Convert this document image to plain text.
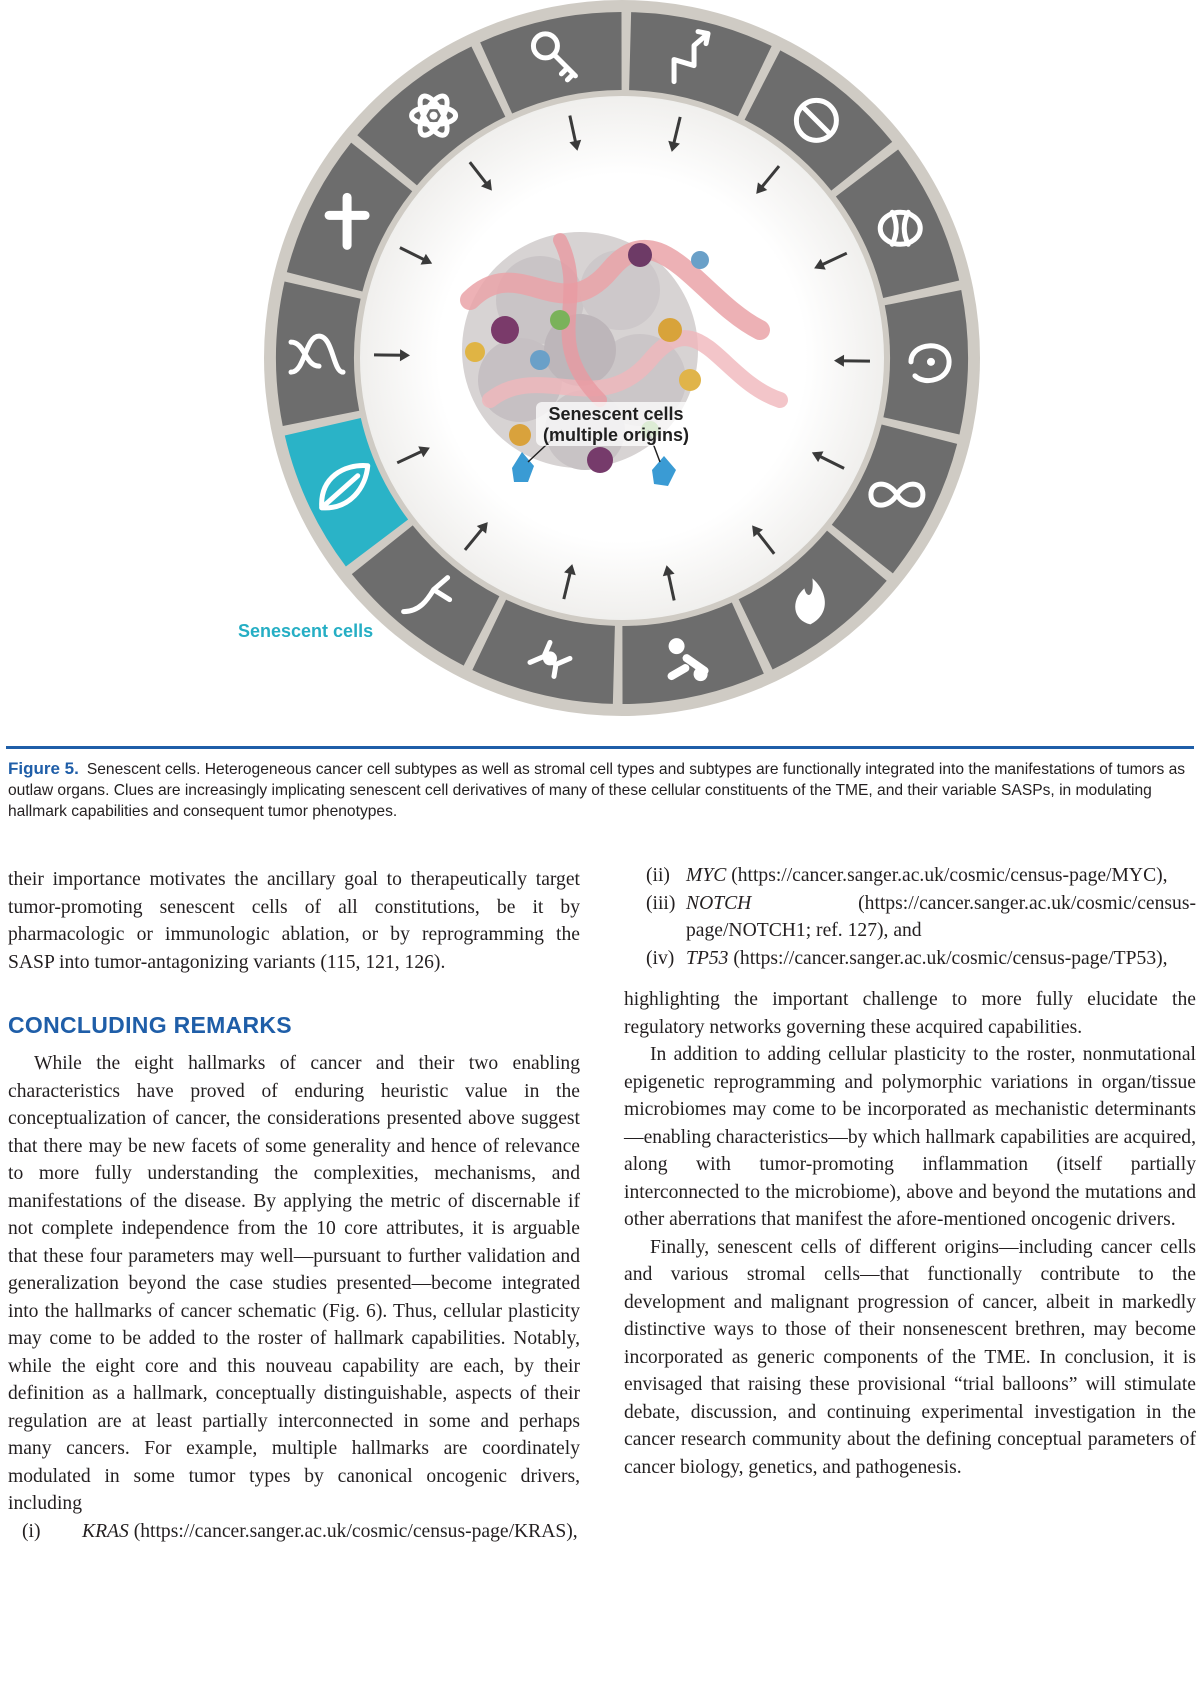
Senescent cells
(multiple origins)
Senescent cells
Figure 5. Senescent cells. Heterogeneous cancer cell subtypes as well as stromal cell types and subtypes are functionally integrated into the manifestations of tumors as outlaw organs. Clues are increasingly implicating senescent cell derivatives of many of these cellular constituents of the TME, and their variable SASPs, in modulating hallmark capabilities and consequent tumor phenotypes.

their importance motivates the ancillary goal to therapeutically target tumor-promoting senescent cells of all constitutions, be it by pharmacologic or immunologic ablation, or by reprogramming the SASP into tumor-antagonizing variants (115, 121, 126).

CONCLUDING REMARKS

While the eight hallmarks of cancer and their two enabling characteristics have proved of enduring heuristic value in the conceptualization of cancer, the considerations presented above suggest that there may be new facets of some generality and hence of relevance to more fully understanding the complexities, mechanisms, and manifestations of the disease. By applying the metric of discernable if not complete independence from the 10 core attributes, it is arguable that these four parameters may well—pursuant to further validation and generalization beyond the case studies presented—become integrated into the hallmarks of cancer schematic (Fig. 6). Thus, cellular plasticity may come to be added to the roster of hallmark capabilities. Notably, while the eight core and this nouveau capability are each, by their definition as a hallmark, conceptually distinguishable, aspects of their regulation are at least partially interconnected in some and perhaps many cancers. For example, multiple hallmarks are coordinately modulated in some tumor types by canonical oncogenic drivers, including

(i)	KRAS (https://cancer.sanger.ac.uk/cosmic/census-page/KRAS),
(ii) MYC (https://cancer.sanger.ac.uk/cosmic/census-page/MYC),
(iii) NOTCH (https://cancer.sanger.ac.uk/cosmic/census-page/NOTCH1; ref. 127), and
(iv) TP53 (https://cancer.sanger.ac.uk/cosmic/census-page/TP53),

highlighting the important challenge to more fully elucidate the regulatory networks governing these acquired capabilities.

In addition to adding cellular plasticity to the roster, nonmutational epigenetic reprogramming and polymorphic variations in organ/tissue microbiomes may come to be incorporated as mechanistic determinants—enabling characteristics—by which hallmark capabilities are acquired, along with tumor-promoting inflammation (itself partially interconnected to the microbiome), above and beyond the mutations and other aberrations that manifest the afore-mentioned oncogenic drivers.

Finally, senescent cells of different origins—including cancer cells and various stromal cells—that functionally contribute to the development and malignant progression of cancer, albeit in markedly distinctive ways to those of their nonsenescent brethren, may become incorporated as generic components of the TME. In conclusion, it is envisaged that raising these provisional “trial balloons” will stimulate debate, discussion, and continuing experimental investigation in the cancer research community about the defining conceptual parameters of cancer biology, genetics, and pathogenesis.
